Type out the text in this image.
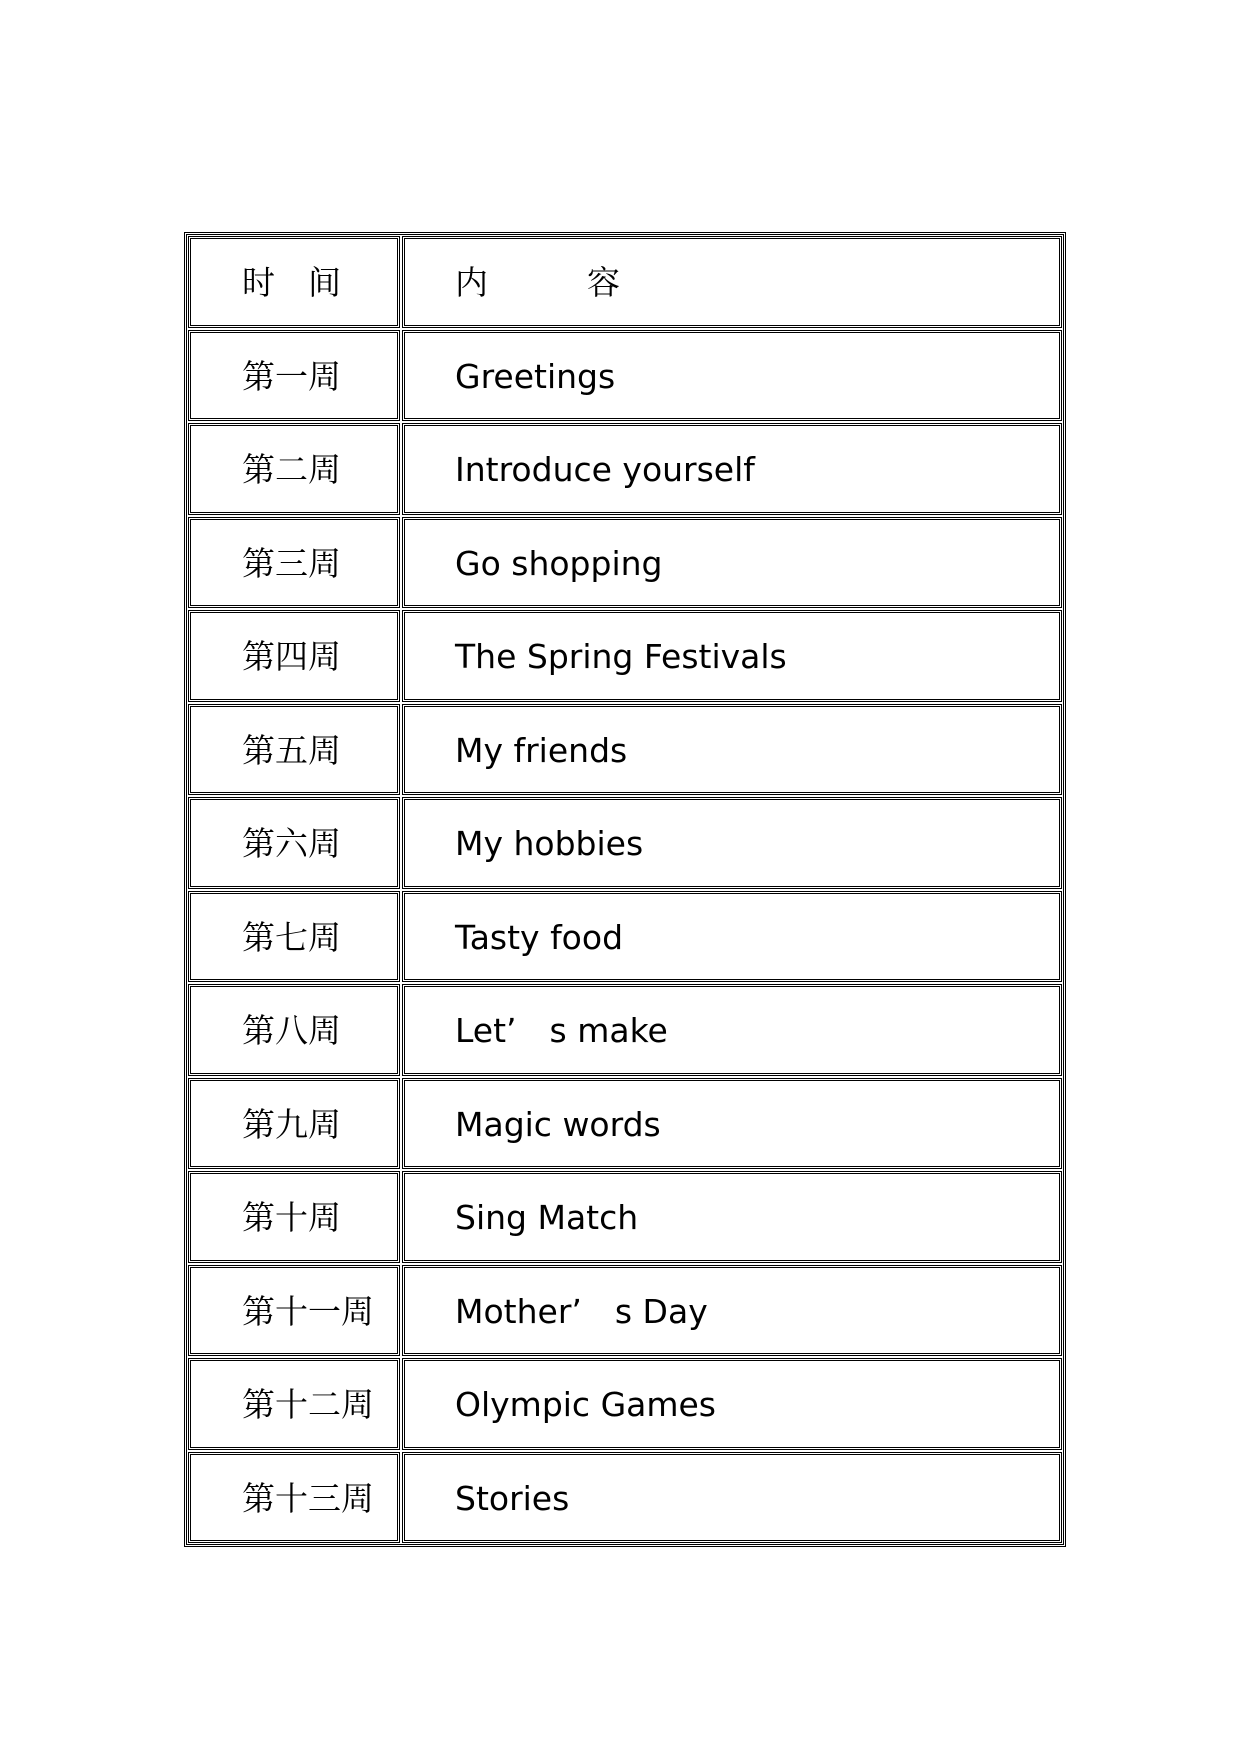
时　间	内　　　容
第一周	Greetings
第二周	Introduce yourself
第三周	Go shopping
第四周	The Spring Festivals
第五周	My friends
第六周	My hobbies
第七周	Tasty food
第八周	Let’　s make
第九周	Magic words
第十周	Sing Match
第十一周	Mother’　s Day
第十二周	Olympic Games
第十三周	Stories
